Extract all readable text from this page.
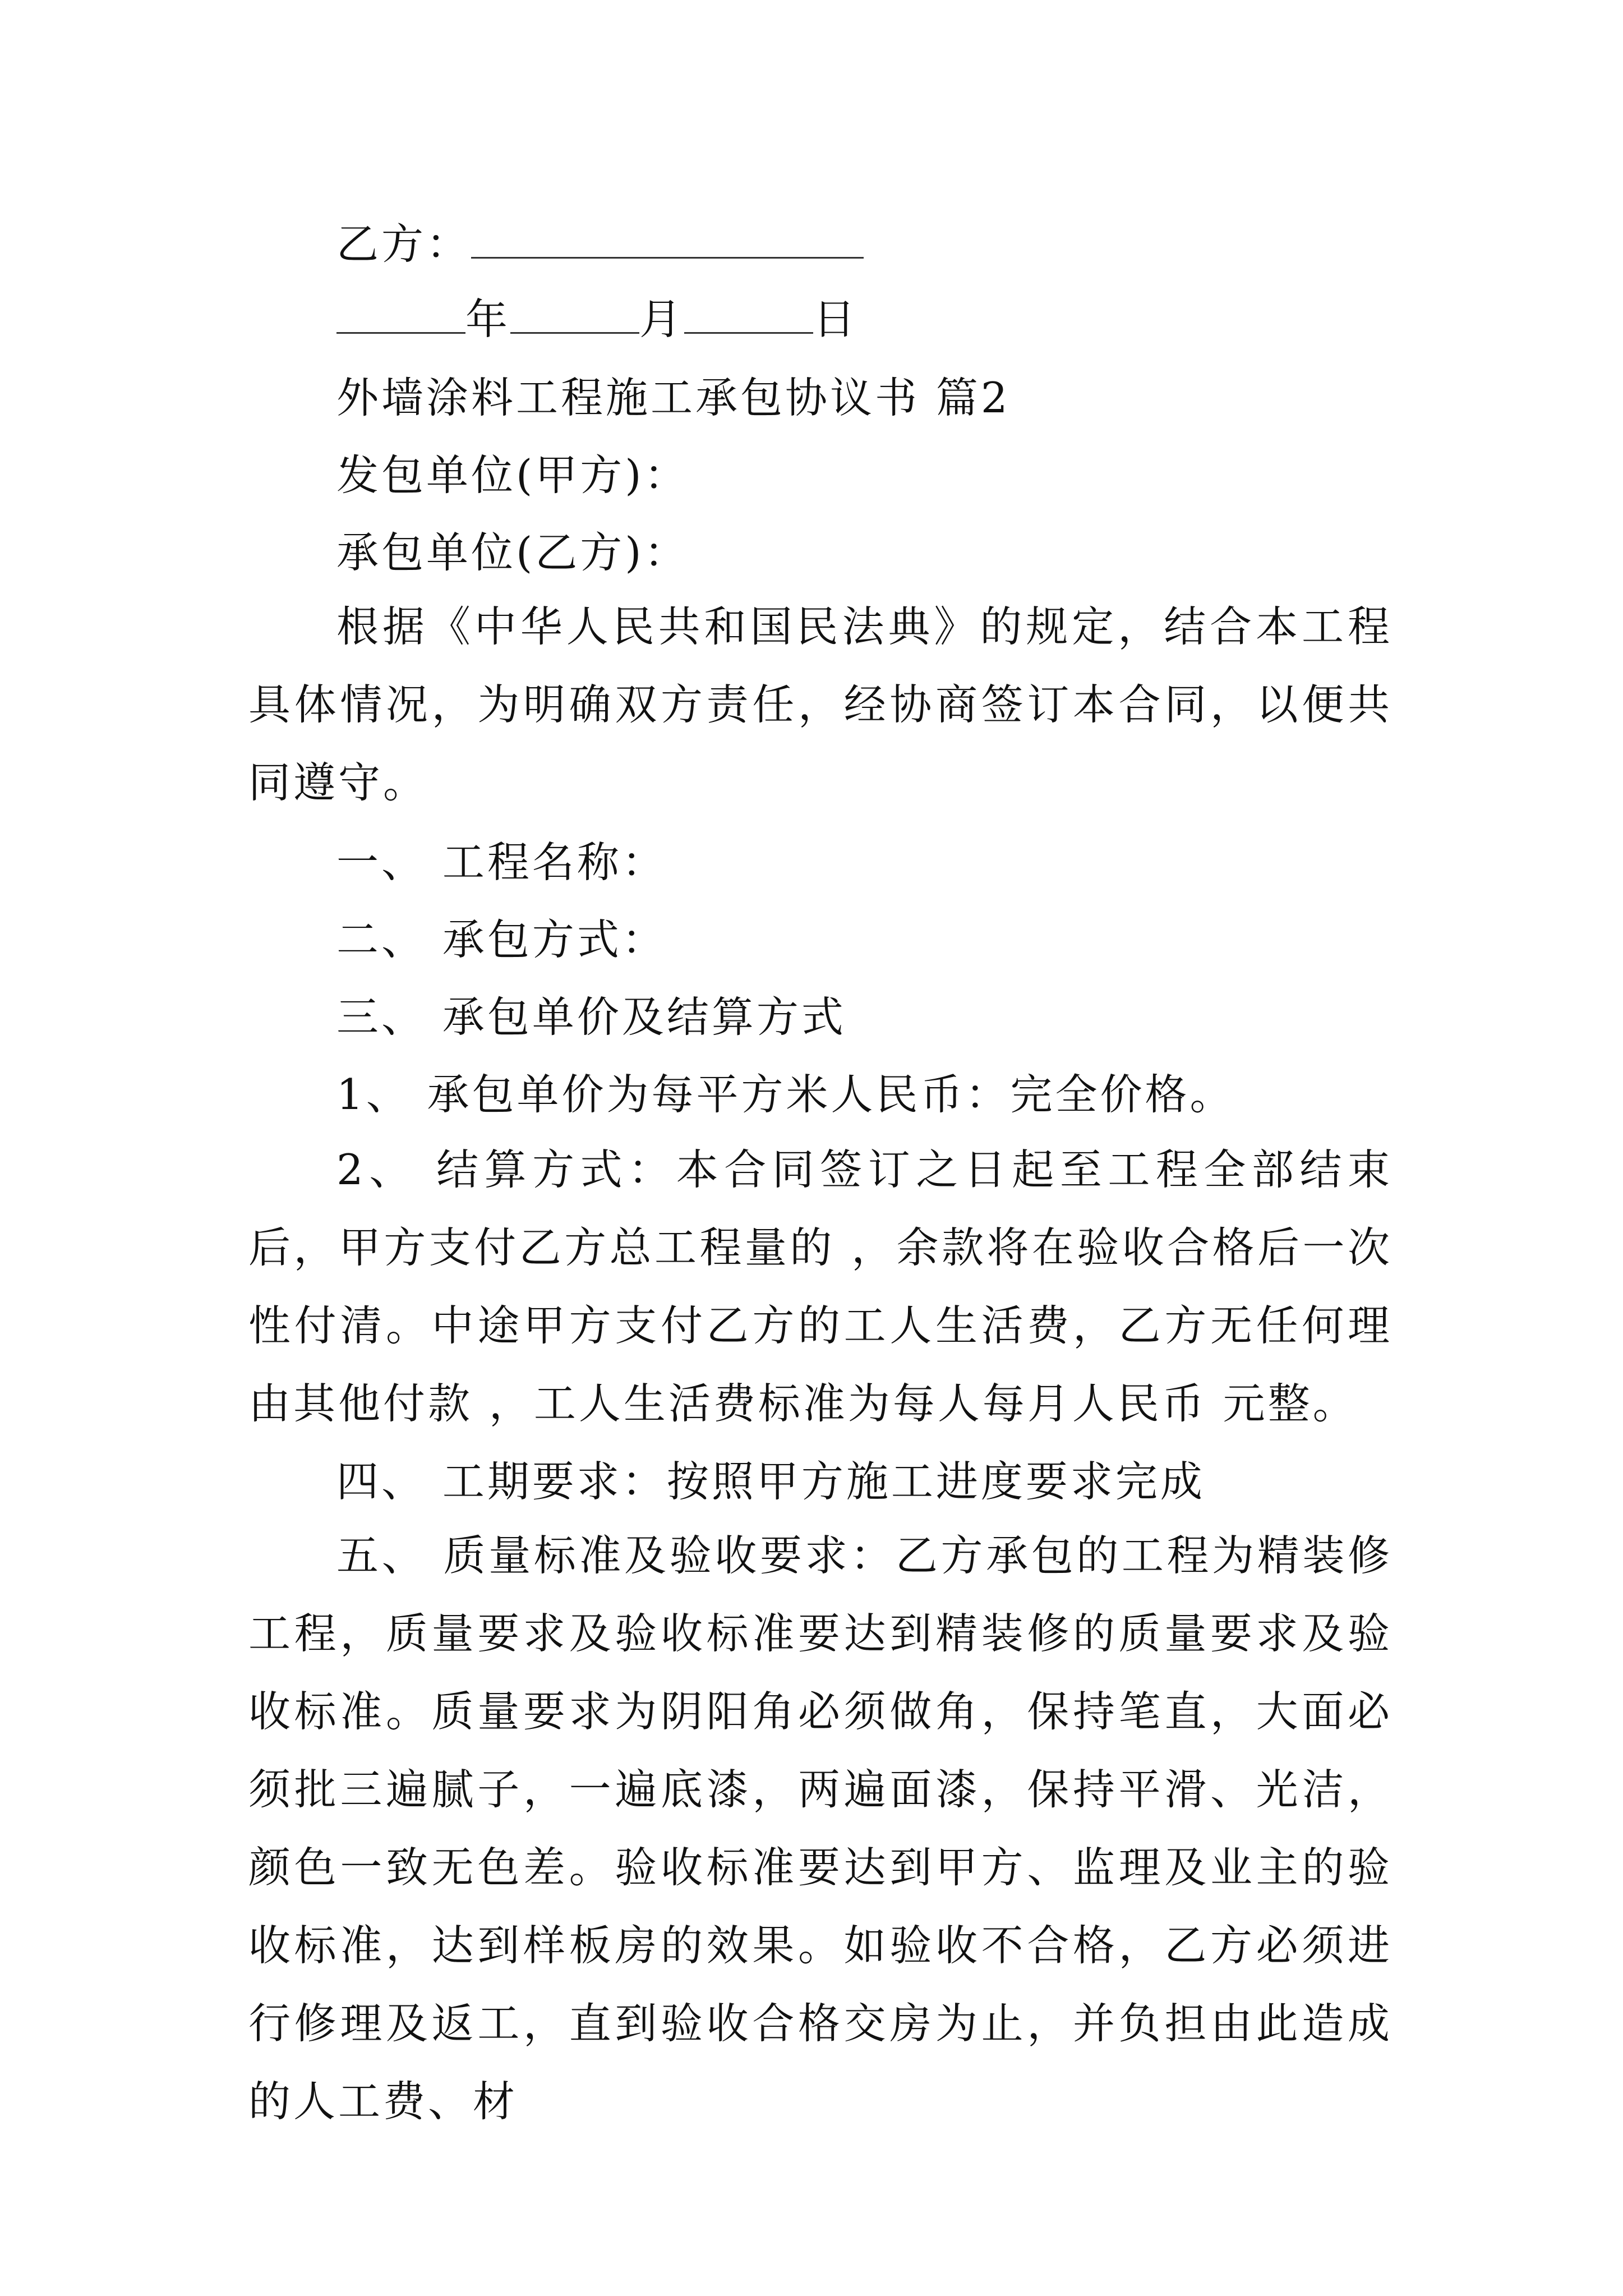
乙方：
年	月	日
外墙涂料工程施工承包协议书 篇2
发包单位(甲方)：
承包单位(乙方)：
根据《中华人民共和国民法典》的规定，结合本工程具体情况，为明确双方责任，经协商签订本合同，以便共同遵守。
一、 工程名称：
二、 承包方式：
三、 承包单价及结算方式
1、 承包单价为每平方米人民币：完全价格。
2、 结算方式：本合同签订之日起至工程全部结束后，甲方支付乙方总工程量的 ，余款将在验收合格后一次性付清。中途甲方支付乙方的工人生活费，乙方无任何理由其他付款 ，工人生活费标准为每人每月人民币 元整。
四、 工期要求：按照甲方施工进度要求完成
五、 质量标准及验收要求：乙方承包的工程为精装修工程，质量要求及验收标准要达到精装修的质量要求及验收标准。质量要求为阴阳角必须做角，保持笔直，大面必须批三遍腻子，一遍底漆，两遍面漆，保持平滑、光洁，颜色一致无色差。验收标准要达到甲方、监理及业主的验收标准，达到样板房的效果。如验收不合格，乙方必须进行修理及返工，直到验收合格交房为止，并负担由此造成的人工费、材
